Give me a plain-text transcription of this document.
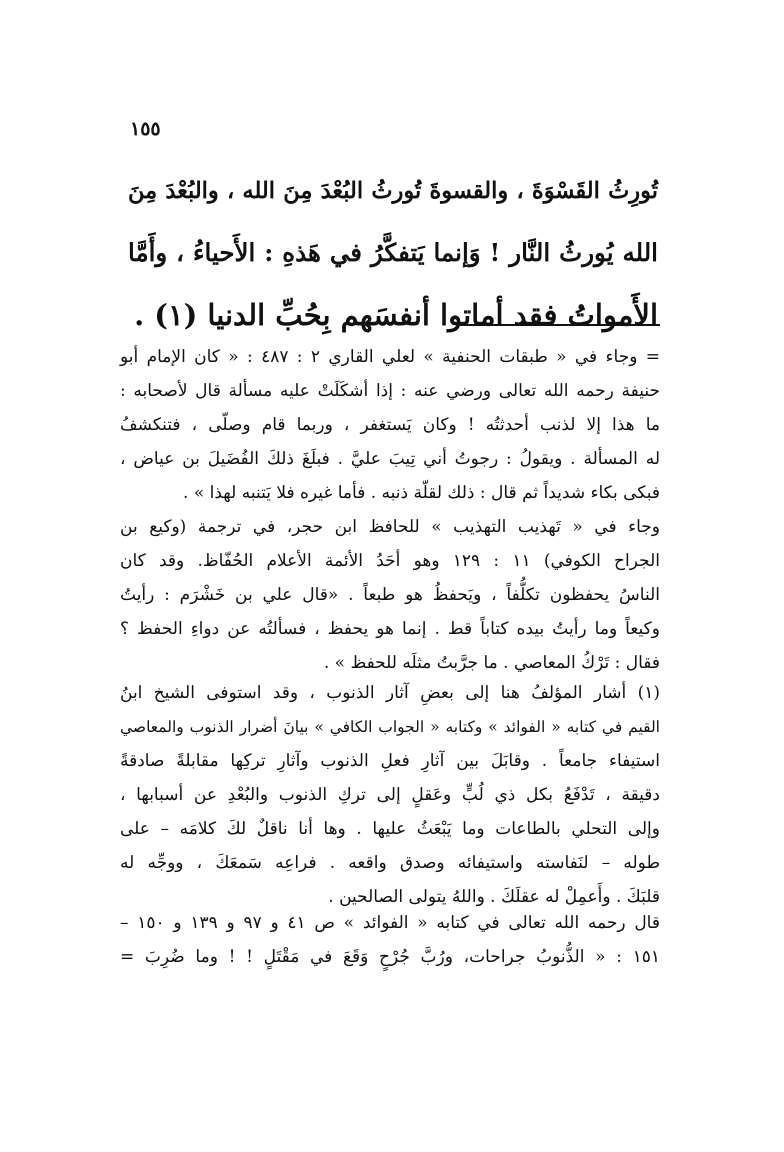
١٥٥
تُورِثُ القَسْوَةَ ، والقسوةَ تُورثُ البُعْدَ مِنَ الله ، والبُعْدَ مِنَ
الله يُورثُ النَّار ! وَإنما يَتفكَّرُ في هَذهِ : الأَحياءُ ، وأَمَّا
الأَمواتُ فقد أماتوا أنفسَهم بِحُبِّ الدنيا (١) .
= وجاء في « طبقات الحنفية » لعلي القاري ٢ : ٤٨٧ : « كان الإمام أبو
حنيفة رحمه الله تعالى ورضي عنه : إذا أشكَلَتْ عليه مسألة قال لأصحابه :
ما هذا إلا لذنب أحدثتُه ! وكان يَستغفر ، وربما قام وصلّى ، فتنكشفُ
له المسألة . ويقولُ : رجوتُ أني تِيبَ عليَّ . فبلَغَ ذلكَ الفُضَيلَ بن عياض ،
فبكى بكاء شديداً ثم قال : ذلك لقلّة ذنبه . فأما غيره فلا يَتنبه لهذا » .
وجاء في « تَهذيب التهذيب » للحافظ ابن حجر، في ترجمة (وكيع بن
الجراح الكوفي) ١١ : ١٢٩ وهو أحَدُ الأئمة الأعلام الحُفّاظ. وقد كان
الناسُ يحفظون تكلُّفاً ، ويَحفظُ هو طبعاً . «قال علي بن خَشْرَم : رأيتُ
وكيعاً وما رأيتُ بيده كتاباً قط . إنما هو يحفظ ، فسألتُه عن دواءِ الحفظ ؟
فقال : تَرْكُ المعاصي . ما جرَّبتُ مثلَه للحفظ » .
(١) أشار المؤلفُ هنا إلى بعضِ آثار الذنوب ، وقد استوفى الشيخ ابنُ
القيم في كتابه « الفوائد » وكتابه « الجواب الكافي » بيانَ أضرار الذنوب والمعاصي
استيفاء جامعاً . وقابَلَ بين آثارِ فعلِ الذنوب وآثارِ تركِها مقابلةً صادقةً
دقيقة ، تَدْفَعُ بكل ذي لُبٍّ وعَقلٍ إلى تركِ الذنوب والبُعْدِ عن أسبابها ،
وإلى التحلي بالطاعات وما يَبْعَثُ عليها . وها أنا ناقلٌ لكَ كلامَه – على
طوله – لنَفاسته واستيفائه وصدق واقعه . فراعِه سَمعَكَ ، ووجِّه له
قلبَكَ . وأَعمِلْ له عقلَكَ . واللهُ يتولى الصالحين .
قال رحمه الله تعالى في كتابه « الفوائد » ص ٤١ و ٩٧ و ١٣٩ و ١٥٠ –
١٥١ : « الذُّنوبُ جراحات، ورُبَّ جُرْحٍ وَقَعَ في مَقْتَلٍ ! ! وما ضُرِبَ =
